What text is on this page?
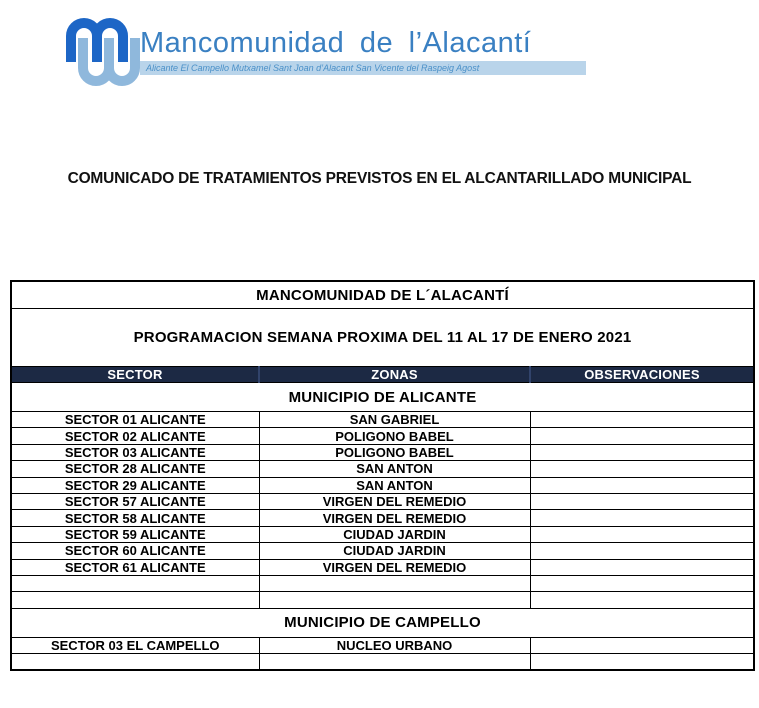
Mancomunidad de l’Alacantí
Alicante El Campello Mutxamel Sant Joan d’Alacant San Vicente del Raspeig Agost
COMUNICADO DE TRATAMIENTOS PREVISTOS EN EL ALCANTARILLADO MUNICIPAL
MANCOMUNIDAD DE L´ALACANTÍ		
PROGRAMACION SEMANA PROXIMA DEL 11 AL 17 DE ENERO 2021		
SECTOR	ZONAS	OBSERVACIONES
MUNICIPIO DE ALICANTE		
SECTOR 01 ALICANTE	SAN GABRIEL	
SECTOR 02 ALICANTE	POLIGONO BABEL	
SECTOR 03 ALICANTE	POLIGONO BABEL	
SECTOR 28 ALICANTE	SAN ANTON	
SECTOR 29 ALICANTE	SAN ANTON	
SECTOR 57 ALICANTE	VIRGEN DEL REMEDIO	
SECTOR 58 ALICANTE	VIRGEN DEL REMEDIO	
SECTOR 59 ALICANTE	CIUDAD JARDIN	
SECTOR 60 ALICANTE	CIUDAD JARDIN	
SECTOR 61 ALICANTE	VIRGEN DEL REMEDIO	

MUNICIPIO DE CAMPELLO		
SECTOR 03 EL CAMPELLO	NUCLEO URBANO	
